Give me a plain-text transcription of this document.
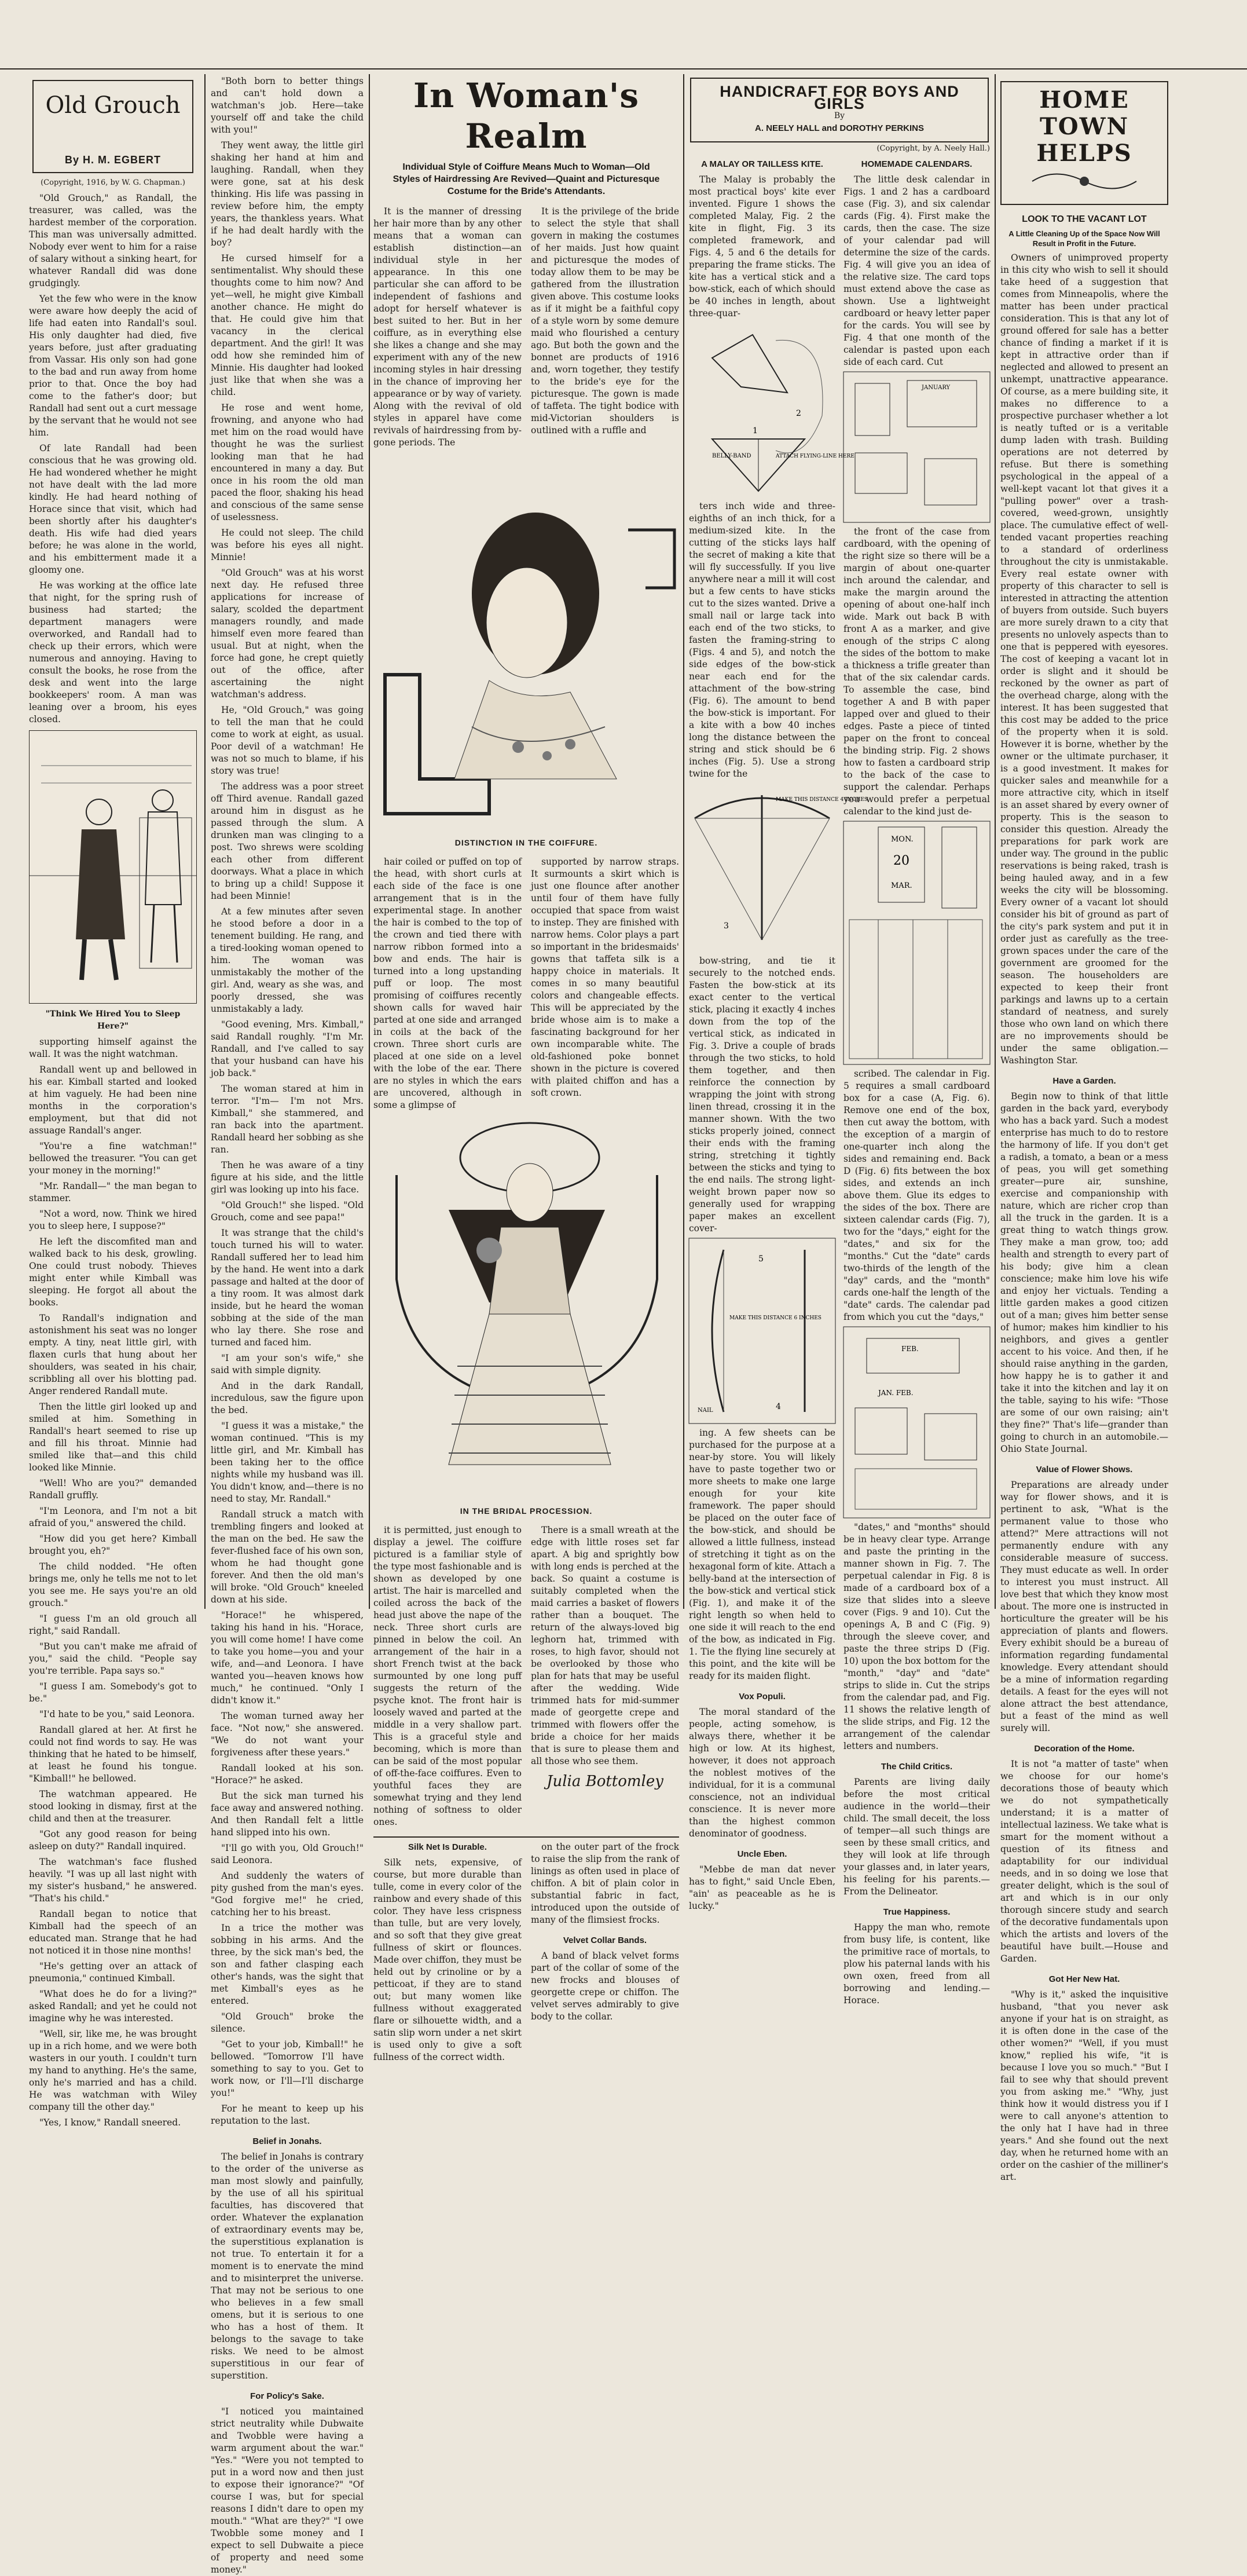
Old Grouch
By H. M. EGBERT
(Copyright, 1916, by W. G. Chapman.)

"Old Grouch," as Randall, the treasurer, was called, was the hardest member of the corporation. This man was universally admitted. Nobody ever went to him for a raise of salary without a sinking heart, for whatever Randall did was done grudgingly.

Yet the few who were in the know were aware how deeply the acid of life had eaten into Randall's soul. His only daughter had died, five years before, just after graduating from Vassar. His only son had gone to the bad and run away from home prior to that. Once the boy had come to the father's door; but Randall had sent out a curt message by the servant that he would not see him.

Of late Randall had been conscious that he was growing old. He had wondered whether he might not have dealt with the lad more kindly. He had heard nothing of Horace since that visit, which had been shortly after his daughter's death. His wife had died years before; he was alone in the world, and his embitterment made it a gloomy one.

He was working at the office late that night, for the spring rush of business had started; the department managers were overworked, and Randall had to check up their errors, which were numerous and annoying. Having to consult the books, he rose from the desk and went into the large bookkeepers' room. A man was leaning over a broom, his eyes closed.

"Think We Hired You to Sleep Here?"

supporting himself against the wall. It was the night watchman.

Randall went up and bellowed in his ear. Kimball started and looked at him vaguely. He had been nine months in the corporation's employment, but that did not assuage Randall's anger.

"You're a fine watchman!" bellowed the treasurer. "You can get your money in the morning!"

"Mr. Randall—" the man began to stammer.

"Not a word, now. Think we hired you to sleep here, I suppose?"

He left the discomfited man and walked back to his desk, growling. One could trust nobody. Thieves might enter while Kimball was sleeping. He forgot all about the books.

To Randall's indignation and astonishment his seat was no longer empty. A tiny, neat little girl, with flaxen curls that hung about her shoulders, was seated in his chair, scribbling all over his blotting pad. Anger rendered Randall mute.

Then the little girl looked up and smiled at him. Something in Randall's heart seemed to rise up and fill his throat. Minnie had smiled like that—and this child looked like Minnie.

"Well! Who are you?" demanded Randall gruffly.

"I'm Leonora, and I'm not a bit afraid of you," answered the child.

"How did you get here? Kimball brought you, eh?"

The child nodded. "He often brings me, only he tells me not to let you see me. He says you're an old grouch."

"I guess I'm an old grouch all right," said Randall.

"But you can't make me afraid of you," said the child. "People say you're terrible. Papa says so."

"I guess I am. Somebody's got to be."

"I'd hate to be you," said Leonora.

Randall glared at her. At first he could not find words to say. He was thinking that he hated to be himself, at least he found his tongue. "Kimball!" he bellowed.

The watchman appeared. He stood looking in dismay, first at the child and then at the treasurer.

"Got any good reason for being asleep on duty?" Randall inquired.

The watchman's face flushed heavily. "I was up all last night with my sister's husband," he answered. "That's his child."

Randall began to notice that Kimball had the speech of an educated man. Strange that he had not noticed it in those nine months!

"He's getting over an attack of pneumonia," continued Kimball.

"What does he do for a living?" asked Randall; and yet he could not imagine why he was interested.

"Well, sir, like me, he was brought up in a rich home, and we were both wasters in our youth. I couldn't turn my hand to anything. He's the same, only he's married and has a child. He was watchman with Wiley company till the other day."

"Yes, I know," Randall sneered.

"Both born to better things and can't hold down a watchman's job. Here—take yourself off and take the child with you!"

They went away, the little girl shaking her hand at him and laughing. Randall, when they were gone, sat at his desk thinking. His life was passing in review before him, the empty years, the thankless years. What if he had dealt hardly with the boy?

He cursed himself for a sentimentalist. Why should these thoughts come to him now? And yet—well, he might give Kimball another chance. He might do that. He could give him that vacancy in the clerical department. And the girl! It was odd how she reminded him of Minnie. His daughter had looked just like that when she was a child.

He rose and went home, frowning, and anyone who had met him on the road would have thought he was the surliest looking man that he had encountered in many a day. But once in his room the old man paced the floor, shaking his head and conscious of the same sense of uselessness.

He could not sleep. The child was before his eyes all night. Minnie!

"Old Grouch" was at his worst next day. He refused three applications for increase of salary, scolded the department managers roundly, and made himself even more feared than usual. But at night, when the force had gone, he crept quietly out of the office, after ascertaining the night watchman's address.

He, "Old Grouch," was going to tell the man that he could come to work at eight, as usual. Poor devil of a watchman! He was not so much to blame, if his story was true!

The address was a poor street off Third avenue. Randall gazed around him in disgust as he passed through the slum. A drunken man was clinging to a post. Two shrews were scolding each other from different doorways. What a place in which to bring up a child! Suppose it had been Minnie!

At a few minutes after seven he stood before a door in a tenement building. He rang, and a tired-looking woman opened to him. The woman was unmistakably the mother of the girl. And, weary as she was, and poorly dressed, she was unmistakably a lady.

"Good evening, Mrs. Kimball," said Randall roughly. "I'm Mr. Randall, and I've called to say that your husband can have his job back."

The woman stared at him in terror. "I'm— I'm not Mrs. Kimball," she stammered, and ran back into the apartment. Randall heard her sobbing as she ran.

Then he was aware of a tiny figure at his side, and the little girl was looking up into his face.

"Old Grouch!" she lisped. "Old Grouch, come and see papa!"

It was strange that the child's touch turned his will to water. Randall suffered her to lead him by the hand. He went into a dark passage and halted at the door of a tiny room. It was almost dark inside, but he heard the woman sobbing at the side of the man who lay there. She rose and turned and faced him.

"I am your son's wife," she said with simple dignity.

And in the dark Randall, incredulous, saw the figure upon the bed.

"I guess it was a mistake," the woman continued. "This is my little girl, and Mr. Kimball has been taking her to the office nights while my husband was ill. You didn't know, and—there is no need to stay, Mr. Randall."

Randall struck a match with trembling fingers and looked at the man on the bed. He saw the fever-flushed face of his own son, whom he had thought gone forever. And then the old man's will broke. "Old Grouch" kneeled down at his side.

"Horace!" he whispered, taking his hand in his. "Horace, you will come home! I have come to take you home—you and your wife, and—and Leonora. I have wanted you—heaven knows how much," he continued. "Only I didn't know it."

The woman turned away her face. "Not now," she answered. "We do not want your forgiveness after these years."

Randall looked at his son. "Horace?" he asked.

But the sick man turned his face away and answered nothing. And then Randall felt a little hand slipped into his own.

"I'll go with you, Old Grouch!" said Leonora.

And suddenly the waters of pity gushed from the man's eyes. "God forgive me!" he cried, catching her to his breast.

In a trice the mother was sobbing in his arms. And the three, by the sick man's bed, the son and father clasping each other's hands, was the sight that met Kimball's eyes as he entered.

"Old Grouch" broke the silence.

"Get to your job, Kimball!" he bellowed. "Tomorrow I'll have something to say to you. Get to work now, or I'll—I'll discharge you!"

For he meant to keep up his reputation to the last.

Belief in Jonahs.

The belief in Jonahs is contrary to the order of the universe as man most slowly and painfully, by the use of all his spiritual faculties, has discovered that order. Whatever the explanation of extraordinary events may be, the superstitious explanation is not true. To entertain it for a moment is to enervate the mind and to misinterpret the universe. That may not be serious to one who believes in a few small omens, but it is serious to one who has a host of them. It belongs to the savage to take risks. We need to be almost superstitious in our fear of superstition.

For Policy's Sake.

"I noticed you maintained strict neutrality while Dubwaite and Twobble were having a warm argument about the war." "Yes." "Were you not tempted to put in a word now and then just to expose their ignorance?" "Of course I was, but for special reasons I didn't dare to open my mouth." "What are they?" "I owe Twobble some money and I expect to sell Dubwaite a piece of property and need some money."

In Woman's Realm
Individual Style of Coiffure Means Much to Woman—Old Styles of Hairdressing Are Revived—Quaint and Picturesque Costume for the Bride's Attendants.

It is the manner of dressing her hair more than by any other means that a woman can establish distinction—an individual style in her appearance. In this one particular she can afford to be independent of fashions and adopt for herself whatever is best suited to her. But in her coiffure, as in everything else she likes a change and she may experiment with any of the new incoming styles in hair dressing in the chance of improving her appearance or by way of variety. Along with the revival of old styles in apparel have come revivals of hairdressing from by-gone periods. The

It is the privilege of the bride to select the style that shall govern in making the costumes of her maids. Just how quaint and picturesque the modes of today allow them to be may be gathered from the illustration given above. This costume looks as if it might be a faithful copy of a style worn by some demure maid who flourished a century ago. But both the gown and the bonnet are products of 1916 and, worn together, they testify to the bride's eye for the picturesque. The gown is made of taffeta. The tight bodice with mid-Victorian shoulders is outlined with a ruffle and

DISTINCTION IN THE COIFFURE.

hair coiled or puffed on top of the head, with short curls at each side of the face is one arrangement that is in the experimental stage. In another the hair is combed to the top of the crown and tied there with narrow ribbon formed into a bow and ends. The hair is turned into a long upstanding puff or loop. The most promising of coiffures recently shown calls for waved hair parted at one side and arranged in coils at the back of the crown. Three short curls are placed at one side on a level with the lobe of the ear. There are no styles in which the ears are uncovered, although in some a glimpse of

supported by narrow straps. It surmounts a skirt which is just one flounce after another until four of them have fully occupied that space from waist to instep. They are finished with narrow hems. Color plays a part so important in the bridesmaids' gowns that taffeta silk is a happy choice in materials. It comes in so many beautiful colors and changeable effects. This will be appreciated by the bride whose aim is to make a fascinating background for her own incomparable white. The old-fashioned poke bonnet shown in the picture is covered with plaited chiffon and has a soft crown.

IN THE BRIDAL PROCESSION.

it is permitted, just enough to display a jewel. The coiffure pictured is a familiar style of the type most fashionable and is shown as developed by one artist. The hair is marcelled and coiled across the back of the head just above the nape of the neck. Three short curls are pinned in below the coil. An arrangement of the hair in a short French twist at the back surmounted by one long puff suggests the return of the psyche knot. The front hair is loosely waved and parted at the middle in a very shallow part. This is a graceful style and becoming, which is more than can be said of the most popular of off-the-face coiffures. Even to youthful faces they are somewhat trying and they lend nothing of softness to older ones.

There is a small wreath at the edge with little roses set far apart. A big and sprightly bow with long ends is perched at the back. So quaint a costume is suitably completed when the maid carries a basket of flowers rather than a bouquet. The return of the always-loved big leghorn hat, trimmed with roses, to high favor, should not be overlooked by those who plan for hats that may be useful after the wedding. Wide trimmed hats for mid-summer made of georgette crepe and trimmed with flowers offer the bride a choice for her maids that is sure to please them and all those who see them.

Julia Bottomley
Silk Net Is Durable.

Silk nets, expensive, of course, but more durable than tulle, come in every color of the rainbow and every shade of this color. They have less crispness than tulle, but are very lovely, and so soft that they give great fullness of skirt or flounces. Made over chiffon, they must be held out by crinoline or by a petticoat, if they are to stand out; but many women like fullness without exaggerated flare or silhouette width, and a satin slip worn under a net skirt is used only to give a soft fullness of the correct width.

on the outer part of the frock to raise the slip from the rank of linings as often used in place of chiffon. A bit of plain color in substantial fabric in fact, introduced upon the outside of many of the flimsiest frocks.

Velvet Collar Bands.

A band of black velvet forms part of the collar of some of the new frocks and blouses of georgette crepe or chiffon. The velvet serves admirably to give body to the collar.

HANDICRAFT FOR BOYS AND GIRLS
By
A. NEELY HALL and DOROTHY PERKINS
(Copyright, by A. Neely Hall.)
A MALAY OR TAILLESS KITE.

The Malay is probably the most practical boys' kite ever invented. Figure 1 shows the completed Malay, Fig. 2 the kite in flight, Fig. 3 its completed framework, and Figs. 4, 5 and 6 the details for preparing the frame sticks. The kite has a vertical stick and a bow-stick, each of which should be 40 inches in length, about three-quar-

2
1
BELLY-BAND	ATTACH FLYING-LINE HERE

ters inch wide and three-eighths of an inch thick, for a medium-sized kite. In the cutting of the sticks lays half the secret of making a kite that will fly successfully. If you live anywhere near a mill it will cost but a few cents to have sticks cut to the sizes wanted. Drive a small nail or large tack into each end of the two sticks, to fasten the framing-string to (Figs. 4 and 5), and notch the side edges of the bow-stick near each end for the attachment of the bow-string (Fig. 6). The amount to bend the bow-stick is important. For a kite with a bow 40 inches long the distance between the string and stick should be 6 inches (Fig. 5). Use a strong twine for the

MAKE THIS DISTANCE 4 INCHES
3

bow-string, and tie it securely to the notched ends. Fasten the bow-stick at its exact center to the vertical stick, placing it exactly 4 inches down from the top of the vertical stick, as indicated in Fig. 3. Drive a couple of brads through the two sticks, to hold them together, and then reinforce the connection by wrapping the joint with strong linen thread, crossing it in the manner shown. With the two sticks properly joined, connect their ends with the framing string, stretching it tightly between the sticks and tying to the end nails. The strong light-weight brown paper now so generally used for wrapping paper makes an excellent cover-

NAIL
MAKE THIS DISTANCE 6 INCHES
4
5

ing. A few sheets can be purchased for the purpose at a near-by store. You will likely have to paste together two or more sheets to make one large enough for your kite framework. The paper should be placed on the outer face of the bow-stick, and should be allowed a little fullness, instead of stretching it tight as on the hexagonal form of kite. Attach a belly-band at the intersection of the bow-stick and vertical stick (Fig. 1), and make it of the right length so when held to one side it will reach to the end of the bow, as indicated in Fig. 1. Tie the flying line securely at this point, and the kite will be ready for its maiden flight.

Vox Populi.

The moral standard of the people, acting somehow, is always there, whether it be high or low. At its highest, however, it does not approach the noblest motives of the individual, for it is a communal conscience, not an individual conscience. It is never more than the highest common denominator of goodness.

Uncle Eben.

"Mebbe de man dat never has to fight," said Uncle Eben, "ain' as peaceable as he is lucky."

HOMEMADE CALENDARS.

The little desk calendar in Figs. 1 and 2 has a cardboard case (Fig. 3), and six calendar cards (Fig. 4). First make the cards, then the case. The size of your calendar pad will determine the size of the cards. Fig. 4 will give you an idea of the relative size. The card tops must extend above the case as shown. Use a lightweight cardboard or heavy letter paper for the cards. You will see by Fig. 4 that one month of the calendar is pasted upon each side of each card. Cut

JANUARY

the front of the case from cardboard, with the opening of the right size so there will be a margin of about one-quarter inch around the calendar, and make the margin around the opening of about one-half inch wide. Mark out back B with front A as a marker, and give enough of the strips C along the sides of the bottom to make a thickness a trifle greater than that of the six calendar cards. To assemble the case, bind together A and B with paper lapped over and glued to their edges. Paste a piece of tinted paper on the front to conceal the binding strip. Fig. 2 shows how to fasten a cardboard strip to the back of the case to support the calendar. Perhaps you would prefer a perpetual calendar to the kind just de-

MON.
20
MAR.

scribed. The calendar in Fig. 5 requires a small cardboard box for a case (A, Fig. 6). Remove one end of the box, then cut away the bottom, with the exception of a margin of one-quarter inch along the sides and remaining end. Back D (Fig. 6) fits between the box sides, and extends an inch above them. Glue its edges to the sides of the box. There are sixteen calendar cards (Fig. 7), two for the "days," eight for the "dates," and six for the "months." Cut the "date" cards two-thirds of the length of the "day" cards, and the "month" cards one-half the length of the "date" cards. The calendar pad from which you cut the "days,"

FEB.
JAN. FEB.

"dates," and "months" should be in heavy clear type. Arrange and paste the printing in the manner shown in Fig. 7. The perpetual calendar in Fig. 8 is made of a cardboard box of a size that slides into a sleeve cover (Figs. 9 and 10). Cut the openings A, B and C (Fig. 9) through the sleeve cover, and paste the three strips D (Fig. 10) upon the box bottom for the "month," "day" and "date" strips to slide in. Cut the strips from the calendar pad, and Fig. 11 shows the relative length of the slide strips, and Fig. 12 the arrangement of the calendar letters and numbers.

The Child Critics.

Parents are living daily before the most critical audience in the world—their child. The small deceit, the loss of temper—all such things are seen by these small critics, and they will look at life through your glasses and, in later years, his feeling for his parents.—From the Delineator.

True Happiness.

Happy the man who, remote from busy life, is content, like the primitive race of mortals, to plow his paternal lands with his own oxen, freed from all borrowing and lending.—Horace.

HOME TOWN HELPS
LOOK TO THE VACANT LOT
A Little Cleaning Up of the Space Now Will Result in Profit in the Future.

Owners of unimproved property in this city who wish to sell it should take heed of a suggestion that comes from Minneapolis, where the matter has been under practical consideration. This is that any lot of ground offered for sale has a better chance of finding a market if it is kept in attractive order than if neglected and allowed to present an unkempt, unattractive appearance. Of course, as a mere building site, it makes no difference to a prospective purchaser whether a lot is neatly tufted or is a veritable dump laden with trash. Building operations are not deterred by refuse. But there is something psychological in the appeal of a well-kept vacant lot that gives it a "pulling power" over a trash-covered, weed-grown, unsightly place. The cumulative effect of well-tended vacant properties reaching to a standard of orderliness throughout the city is unmistakable. Every real estate owner with property of this character to sell is interested in attracting the attention of buyers from outside. Such buyers are more surely drawn to a city that presents no unlovely aspects than to one that is peppered with eyesores. The cost of keeping a vacant lot in order is slight and it should be reckoned by the owner as part of the overhead charge, along with the interest. It has been suggested that this cost may be added to the price of the property when it is sold. However it is borne, whether by the owner or the ultimate purchaser, it is a good investment. It makes for quicker sales and meanwhile for a more attractive city, which in itself is an asset shared by every owner of property. This is the season to consider this question. Already the preparations for park work are under way. The ground in the public reservations is being raked, trash is being hauled away, and in a few weeks the city will be blossoming. Every owner of a vacant lot should consider his bit of ground as part of the city's park system and put it in order just as carefully as the tree-grown spaces under the care of the government are groomed for the season. The householders are expected to keep their front parkings and lawns up to a certain standard of neatness, and surely those who own land on which there are no improvements should be under the same obligation.—Washington Star.

Have a Garden.

Begin now to think of that little garden in the back yard, everybody who has a back yard. Such a modest enterprise has much to do to restore the harmony of life. If you don't get a radish, a tomato, a bean or a mess of peas, you will get something greater—pure air, sunshine, exercise and companionship with nature, which are richer crop than all the truck in the garden. It is a great thing to watch things grow. They make a man grow, too; add health and strength to every part of his body; give him a clean conscience; make him love his wife and enjoy her victuals. Tending a little garden makes a good citizen out of a man; gives him better sense of humor; makes him kindlier to his neighbors, and gives a gentler accent to his voice. And then, if he should raise anything in the garden, how happy he is to gather it and take it into the kitchen and lay it on the table, saying to his wife: "Those are some of our own raising; ain't they fine?" That's life—grander than going to church in an automobile.—Ohio State Journal.

Value of Flower Shows.

Preparations are already under way for flower shows, and it is pertinent to ask, "What is the permanent value to those who attend?" Mere attractions will not permanently endure with any considerable measure of success. They must educate as well. In order to interest you must instruct. All love best that which they know most about. The more one is instructed in horticulture the greater will be his appreciation of plants and flowers. Every exhibit should be a bureau of information regarding fundamental knowledge. Every attendant should be a mine of information regarding details. A feast for the eyes will not alone attract the best attendance, but a feast of the mind as well surely will.

Decoration of the Home.

It is not "a matter of taste" when we choose for our home's decorations those of beauty which we do not sympathetically understand; it is a matter of intellectual laziness. We take what is smart for the moment without a question of its fitness and adaptability for our individual needs, and in so doing we lose that greater delight, which is the soul of art and which is in our only thorough sincere study and search of the decorative fundamentals upon which the artists and lovers of the beautiful have built.—House and Garden.

Got Her New Hat.

"Why is it," asked the inquisitive husband, "that you never ask anyone if your hat is on straight, as it is often done in the case of the other women?" "Well, if you must know," replied his wife, "it is because I love you so much." "But I fail to see why that should prevent you from asking me." "Why, just think how it would distress you if I were to call anyone's attention to the only hat I have had in three years." And she found out the next day, when he returned home with an order on the cashier of the milliner's art.
